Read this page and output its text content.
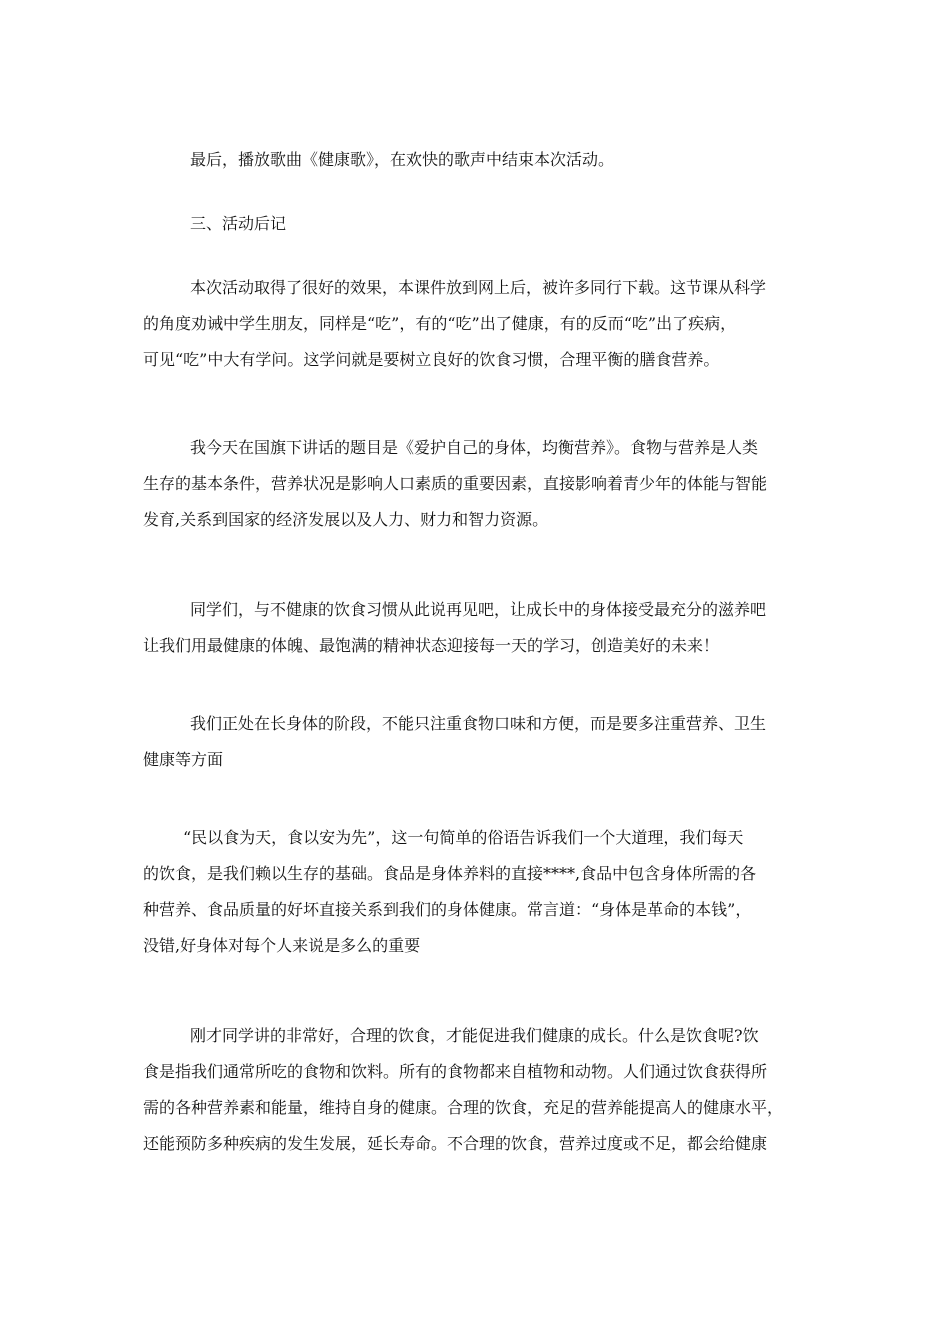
最后，播放歌曲《健康歌》，在欢快的歌声中结束本次活动。
三、活动后记
本次活动取得了很好的效果，本课件放到网上后，被许多同行下载。这节课从科学
的角度劝诫中学生朋友，同样是“吃”，有的“吃”出了健康，有的反而“吃”出了疾病，
可见“吃”中大有学问。这学问就是要树立良好的饮食习惯，合理平衡的膳食营养。
我今天在国旗下讲话的题目是《爱护自己的身体，均衡营养》。食物与营养是人类
生存的基本条件，营养状况是影响人口素质的重要因素，直接影响着青少年的体能与智能
发育,关系到国家的经济发展以及人力、财力和智力资源。
同学们，与不健康的饮食习惯从此说再见吧，让成长中的身体接受最充分的滋养吧
让我们用最健康的体魄、最饱满的精神状态迎接每一天的学习，创造美好的未来！
我们正处在长身体的阶段，不能只注重食物口味和方便，而是要多注重营养、卫生
健康等方面
“民以食为天，食以安为先”，这一句简单的俗语告诉我们一个大道理，我们每天
的饮食，是我们赖以生存的基础。食品是身体养料的直接****,食品中包含身体所需的各
种营养、食品质量的好坏直接关系到我们的身体健康。常言道：“身体是革命的本钱”，
没错,好身体对每个人来说是多么的重要
刚才同学讲的非常好，合理的饮食，才能促进我们健康的成长。什么是饮食呢?饮
食是指我们通常所吃的食物和饮料。所有的食物都来自植物和动物。人们通过饮食获得所
需的各种营养素和能量，维持自身的健康。合理的饮食，充足的营养能提高人的健康水平，
还能预防多种疾病的发生发展，延长寿命。不合理的饮食，营养过度或不足，都会给健康
